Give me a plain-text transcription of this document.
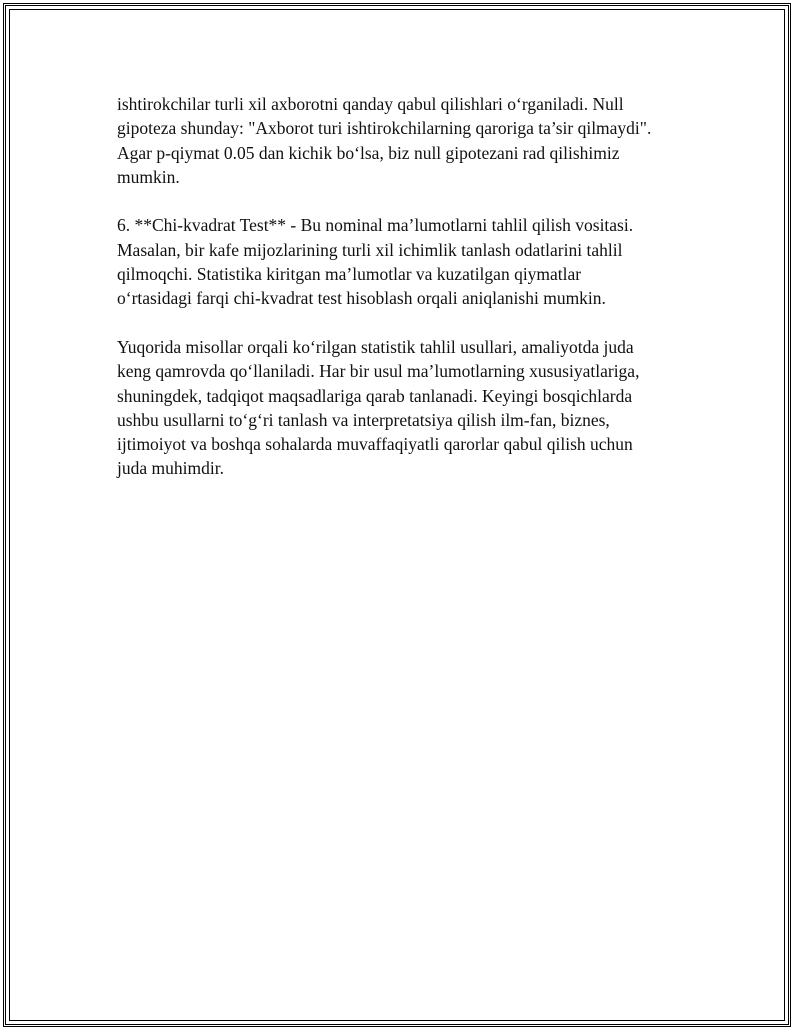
ishtirokchilar turli xil axborotni qanday qabul qilishlari o‘rganiladi. Null
gipoteza shunday: "Axborot turi ishtirokchilarning qaroriga ta’sir qilmaydi".
Agar p-qiymat 0.05 dan kichik bo‘lsa, biz null gipotezani rad qilishimiz
mumkin.

6. **Chi-kvadrat Test** - Bu nominal ma’lumotlarni tahlil qilish vositasi.
Masalan, bir kafe mijozlarining turli xil ichimlik tanlash odatlarini tahlil
qilmoqchi. Statistika kiritgan ma’lumotlar va kuzatilgan qiymatlar
o‘rtasidagi farqi chi-kvadrat test hisoblash orqali aniqlanishi mumkin.

Yuqorida misollar orqali ko‘rilgan statistik tahlil usullari, amaliyotda juda
keng qamrovda qo‘llaniladi. Har bir usul ma’lumotlarning xususiyatlariga,
shuningdek, tadqiqot maqsadlariga qarab tanlanadi. Keyingi bosqichlarda
ushbu usullarni to‘g‘ri tanlash va interpretatsiya qilish ilm-fan, biznes,
ijtimoiyot va boshqa sohalarda muvaffaqiyatli qarorlar qabul qilish uchun
juda muhimdir.
